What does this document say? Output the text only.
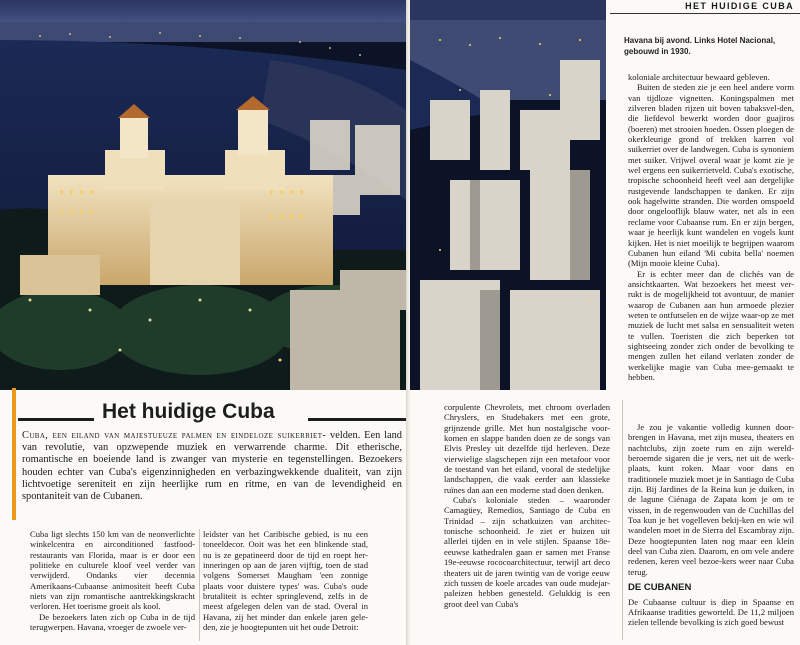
Het huidige Cuba
Cuba, een eiland van majestueuze palmen en eindeloze suikerriet- velden. Een land van revolutie, van opzwepende muziek en verwarrende charme. Dit etherische, romantische en boeiende land is zwanger van mysterie en tegenstellingen. Bezoekers houden echter van Cuba's eigenzinnigheden en verbazingwekkende dualiteit, van zijn lichtvoetige sereniteit en zijn heerlijke rum en ritme, en van de levendigheid en spontaniteit van de Cubanen.

Cuba ligt slechts 150 km van de neonverlichte winkelcentra en airconditioned fastfood-restaurants van Florida, maar is er door een politieke en culturele kloof veel verder van verwijderd. Ondanks vier decennia Amerikaans-Cubaanse animositeit heeft Cuba niets van zijn romantische aantrekkingskracht verloren. Het toerisme groeit als kool.

De bezoekers laten zich op Cuba in de tijd terugwerpen. Havana, vroeger de zwoele ver-

leidster van het Caribische gebied, is nu een toneeldecor. Ooit was het een blinkende stad, nu is ze gepatineerd door de tijd en roept her-inneringen op aan de jaren vijftig, toen de stad volgens Somerset Maugham 'een zonnige plaats voor duistere types' was. Cuba's oude brutaliteit is echter springlevend, zelfs in de meest afgelegen delen van de stad. Overal in Havana, zij het minder dan enkele jaren gele-den, zie je hoogtepunten uit het oude Detroit:

HET HUIDIGE CUBA
Havana bij avond. Links Hotel Nacional, gebouwd in 1930.

koloniale architectuur bewaard gebleven.

Buiten de steden zie je een heel andere vorm van tijdloze vignetten. Koningspalmen met zilveren bladen rijzen uit boven tabaksvel-den, die liefdevol bewerkt worden door guajiros (boeren) met strooien hoeden. Ossen ploegen de okerkleurige grond of trekken karren vol suikerriet over de landwegen. Cuba is synoniem met suiker. Vrijwel overal waar je komt zie je wel ergens een suikerrietveld. Cuba's exotische, tropische schoonheid heeft veel aan dergelijke rustgevende landschappen te danken. Er zijn ook hagelwitte stranden. Die worden omspoeld door ongelooflijk blauw water, net als in een reclame voor Cubaanse rum. En er zijn bergen, waar je heerlijk kunt wandelen en vogels kunt kijken. Het is niet moeilijk te begrijpen waarom Cubanen hun eiland 'Mi cubita bella' noemen (Mijn mooie kleine Cuba).

Er is echter meer dan de clichés van de ansichtkaarten. Wat bezoekers het meest ver-rukt is de mogelijkheid tot avontuur, de manier waarop de Cubanen aan hun armoede plezier weten te ontfutselen en de wijze waar-op ze met muziek de lucht met salsa en sensualiteit weten te vullen. Toeristen die zich beperken tot sightseeing zonder zich onder de bevolking te mengen zullen het eiland verlaten zonder de werkelijke magie van Cuba mee-gemaakt te hebben.

corpulente Chevrolets, met chroom overladen Chryslers, en Studebakers met een grote, grijnzende grille. Met hun nostalgische voor-komen en slappe banden doen ze de songs van Elvis Presley uit dezelfde tijd herleven. Deze vierwielige slagschepen zijn een metafoor voor de toestand van het eiland, vooral de stedelijke landschappen, die vaak eerder aan klassieke ruïnes dan aan een moderne stad doen denken.

Cuba's koloniale steden – waaronder Camagüey, Remedios, Santiago de Cuba en Trinidad – zijn schatkuizen van architec-tonische schoonheid. Je ziet er huizen uit allerlei tijden en in vele stijlen. Spaanse 18e-eeuwse kathedralen gaan er samen met Franse 19e-eeuwse rococoarchitectuur, terwijl art deco theaters uit de jaren twintig van de vorige eeuw zich tussen de koele arcades van oude mudejar-paleizen hebben genesteld. Gelukkig is een groot deel van Cuba's

Je zou je vakantie volledig kunnen door-brengen in Havana, met zijn musea, theaters en nachtclubs, zijn zoete rum en zijn wereld-beroemde sigaren die je vers, net uit de werk-plaats, kunt roken. Maar voor dans en traditionele muziek moet je in Santiago de Cuba zijn. Bij Jardines de la Reina kun je duiken, in de lagune Ciénaga de Zapata kom je om te vissen, in de regenwouden van de Cuchillas del Toa kun je het vogelleven bekij-ken en wie wil wandelen moet in de Sierra del Escambray zijn. Deze hoogtepunten laten nog maar een klein deel van Cuba zien. Daarom, en om vele andere redenen, keren veel bezoe-kers weer naar Cuba terug.

DE CUBANEN

De Cubaanse cultuur is diep in Spaanse en Afrikaanse tradities geworteld. De 11,2 miljoen zielen tellende bevolking is zich goed bewust
